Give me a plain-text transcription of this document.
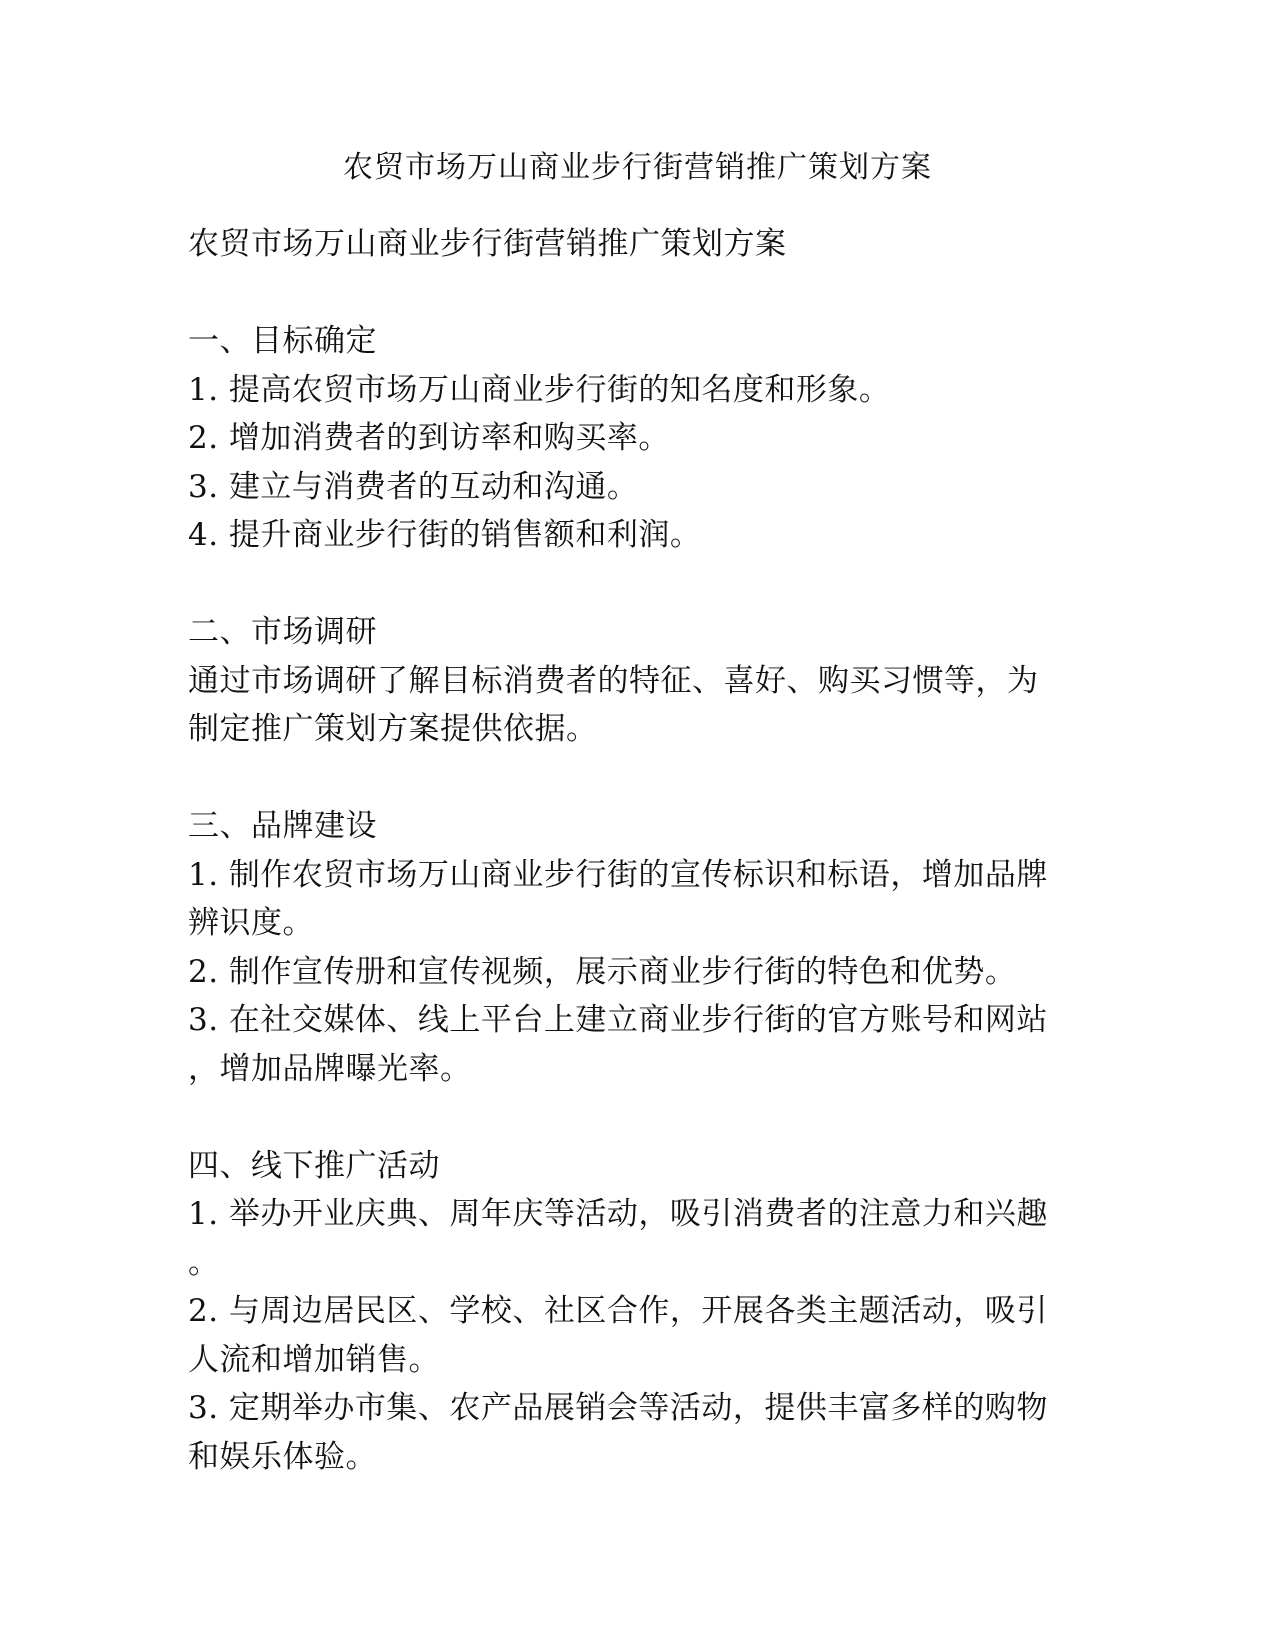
农贸市场万山商业步行街营销推广策划方案
农贸市场万山商业步行街营销推广策划方案
一、目标确定
1. 提高农贸市场万山商业步行街的知名度和形象。
2. 增加消费者的到访率和购买率。
3. 建立与消费者的互动和沟通。
4. 提升商业步行街的销售额和利润。
二、市场调研
通过市场调研了解目标消费者的特征、喜好、购买习惯等，为
制定推广策划方案提供依据。
三、品牌建设
1. 制作农贸市场万山商业步行街的宣传标识和标语，增加品牌
辨识度。
2. 制作宣传册和宣传视频，展示商业步行街的特色和优势。
3. 在社交媒体、线上平台上建立商业步行街的官方账号和网站
，增加品牌曝光率。
四、线下推广活动
1. 举办开业庆典、周年庆等活动，吸引消费者的注意力和兴趣
。
2. 与周边居民区、学校、社区合作，开展各类主题活动，吸引
人流和增加销售。
3. 定期举办市集、农产品展销会等活动，提供丰富多样的购物
和娱乐体验。
